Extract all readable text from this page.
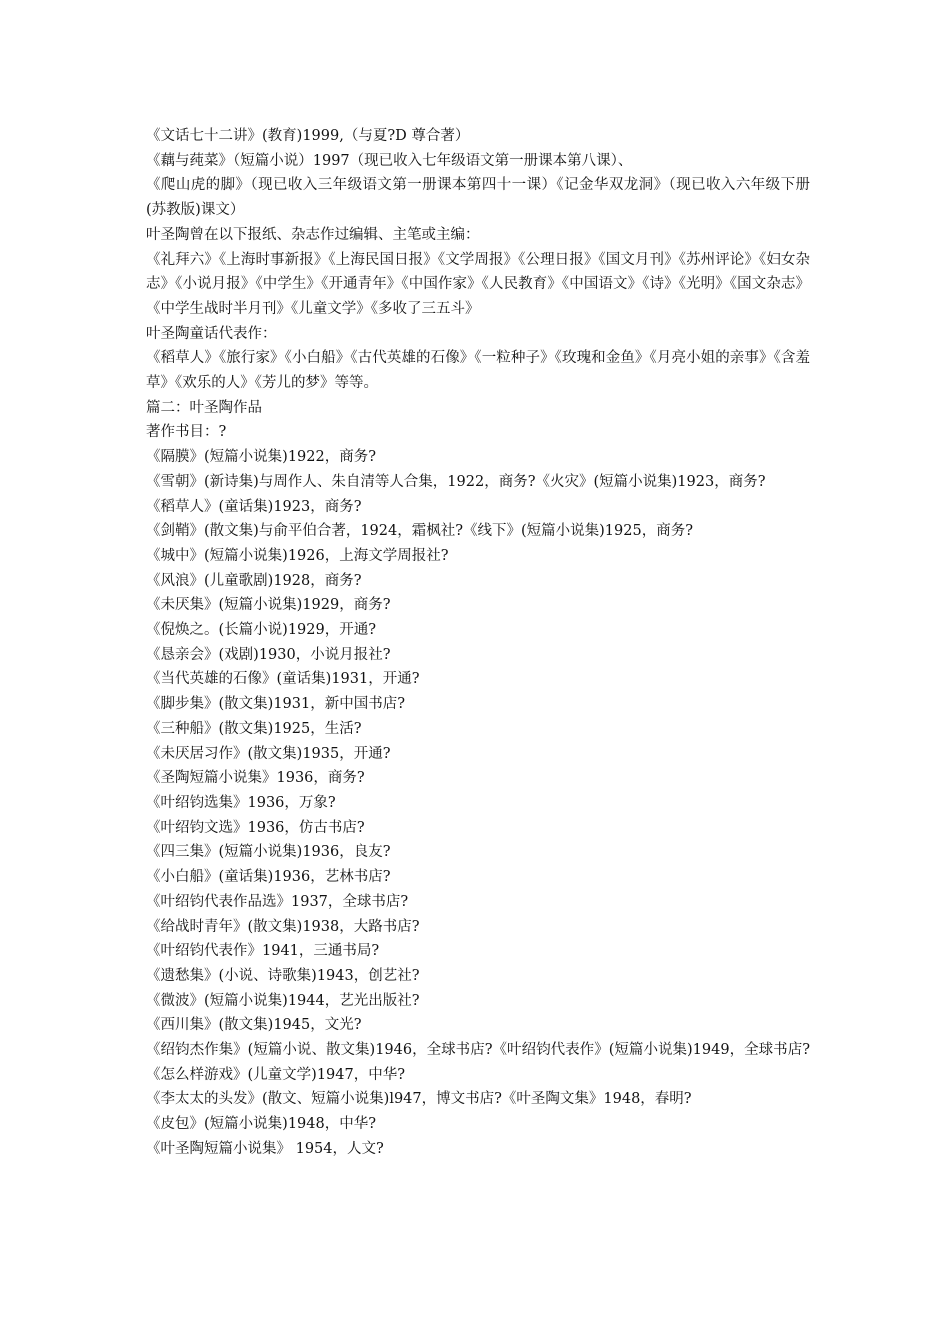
《文话七十二讲》(教育)1999,（与夏?D 尊合著）

《藕与莼菜》（短篇小说）1997（现已收入七年级语文第一册课本第八课）、

《爬山虎的脚》（现已收入三年级语文第一册课本第四十一课）《记金华双龙洞》（现已收入六年级下册(苏教版)课文）

叶圣陶曾在以下报纸、杂志作过编辑、主笔或主编：

《礼拜六》《上海时事新报》《上海民国日报》《文学周报》《公理日报》《国文月刊》《苏州评论》《妇女杂志》《小说月报》《中学生》《开通青年》《中国作家》《人民教育》《中国语文》《诗》《光明》《国文杂志》《中学生战时半月刊》《儿童文学》《多收了三五斗》

叶圣陶童话代表作：

《稻草人》《旅行家》《小白船》《古代英雄的石像》《一粒种子》《玫瑰和金鱼》《月亮小姐的亲事》《含羞草》《欢乐的人》《芳儿的梦》等等。

篇二：叶圣陶作品

著作书目：?

《隔膜》(短篇小说集)1922，商务?

《雪朝》(新诗集)与周作人、朱自清等人合集，1922，商务?《火灾》(短篇小说集)1923，商务?

《稻草人》(童话集)1923，商务?

《剑鞘》(散文集)与俞平伯合著，1924，霜枫社?《线下》(短篇小说集)1925，商务?

《城中》(短篇小说集)1926，上海文学周报社?

《风浪》(儿童歌剧)1928，商务?

《未厌集》(短篇小说集)1929，商务?

《倪焕之。(长篇小说)1929，开通?

《恳亲会》(戏剧)1930，小说月报社?

《当代英雄的石像》(童话集)1931，开通?

《脚步集》(散文集)1931，新中国书店?

《三种船》(散文集)1925，生活?

《未厌居习作》(散文集)1935，开通?

《圣陶短篇小说集》1936，商务?

《叶绍钧选集》1936，万象?

《叶绍钧文选》1936，仿古书店?

《四三集》(短篇小说集)1936，良友?

《小白船》(童话集)1936，艺林书店?

《叶绍钧代表作品选》1937，全球书店?

《给战时青年》(散文集)1938，大路书店?

《叶绍钧代表作》1941，三通书局?

《遗愁集》(小说、诗歌集)1943，创艺社?

《微波》(短篇小说集)1944，艺光出版社?

《西川集》(散文集)1945，文光?

《绍钧杰作集》(短篇小说、散文集)1946，全球书店?《叶绍钧代表作》(短篇小说集)1949，全球书店?《怎么样游戏》(儿童文学)1947，中华?

《李太太的头发》(散文、短篇小说集)l947，博文书店?《叶圣陶文集》1948，春明?

《皮包》(短篇小说集)1948，中华?

《叶圣陶短篇小说集》 1954，人文?
